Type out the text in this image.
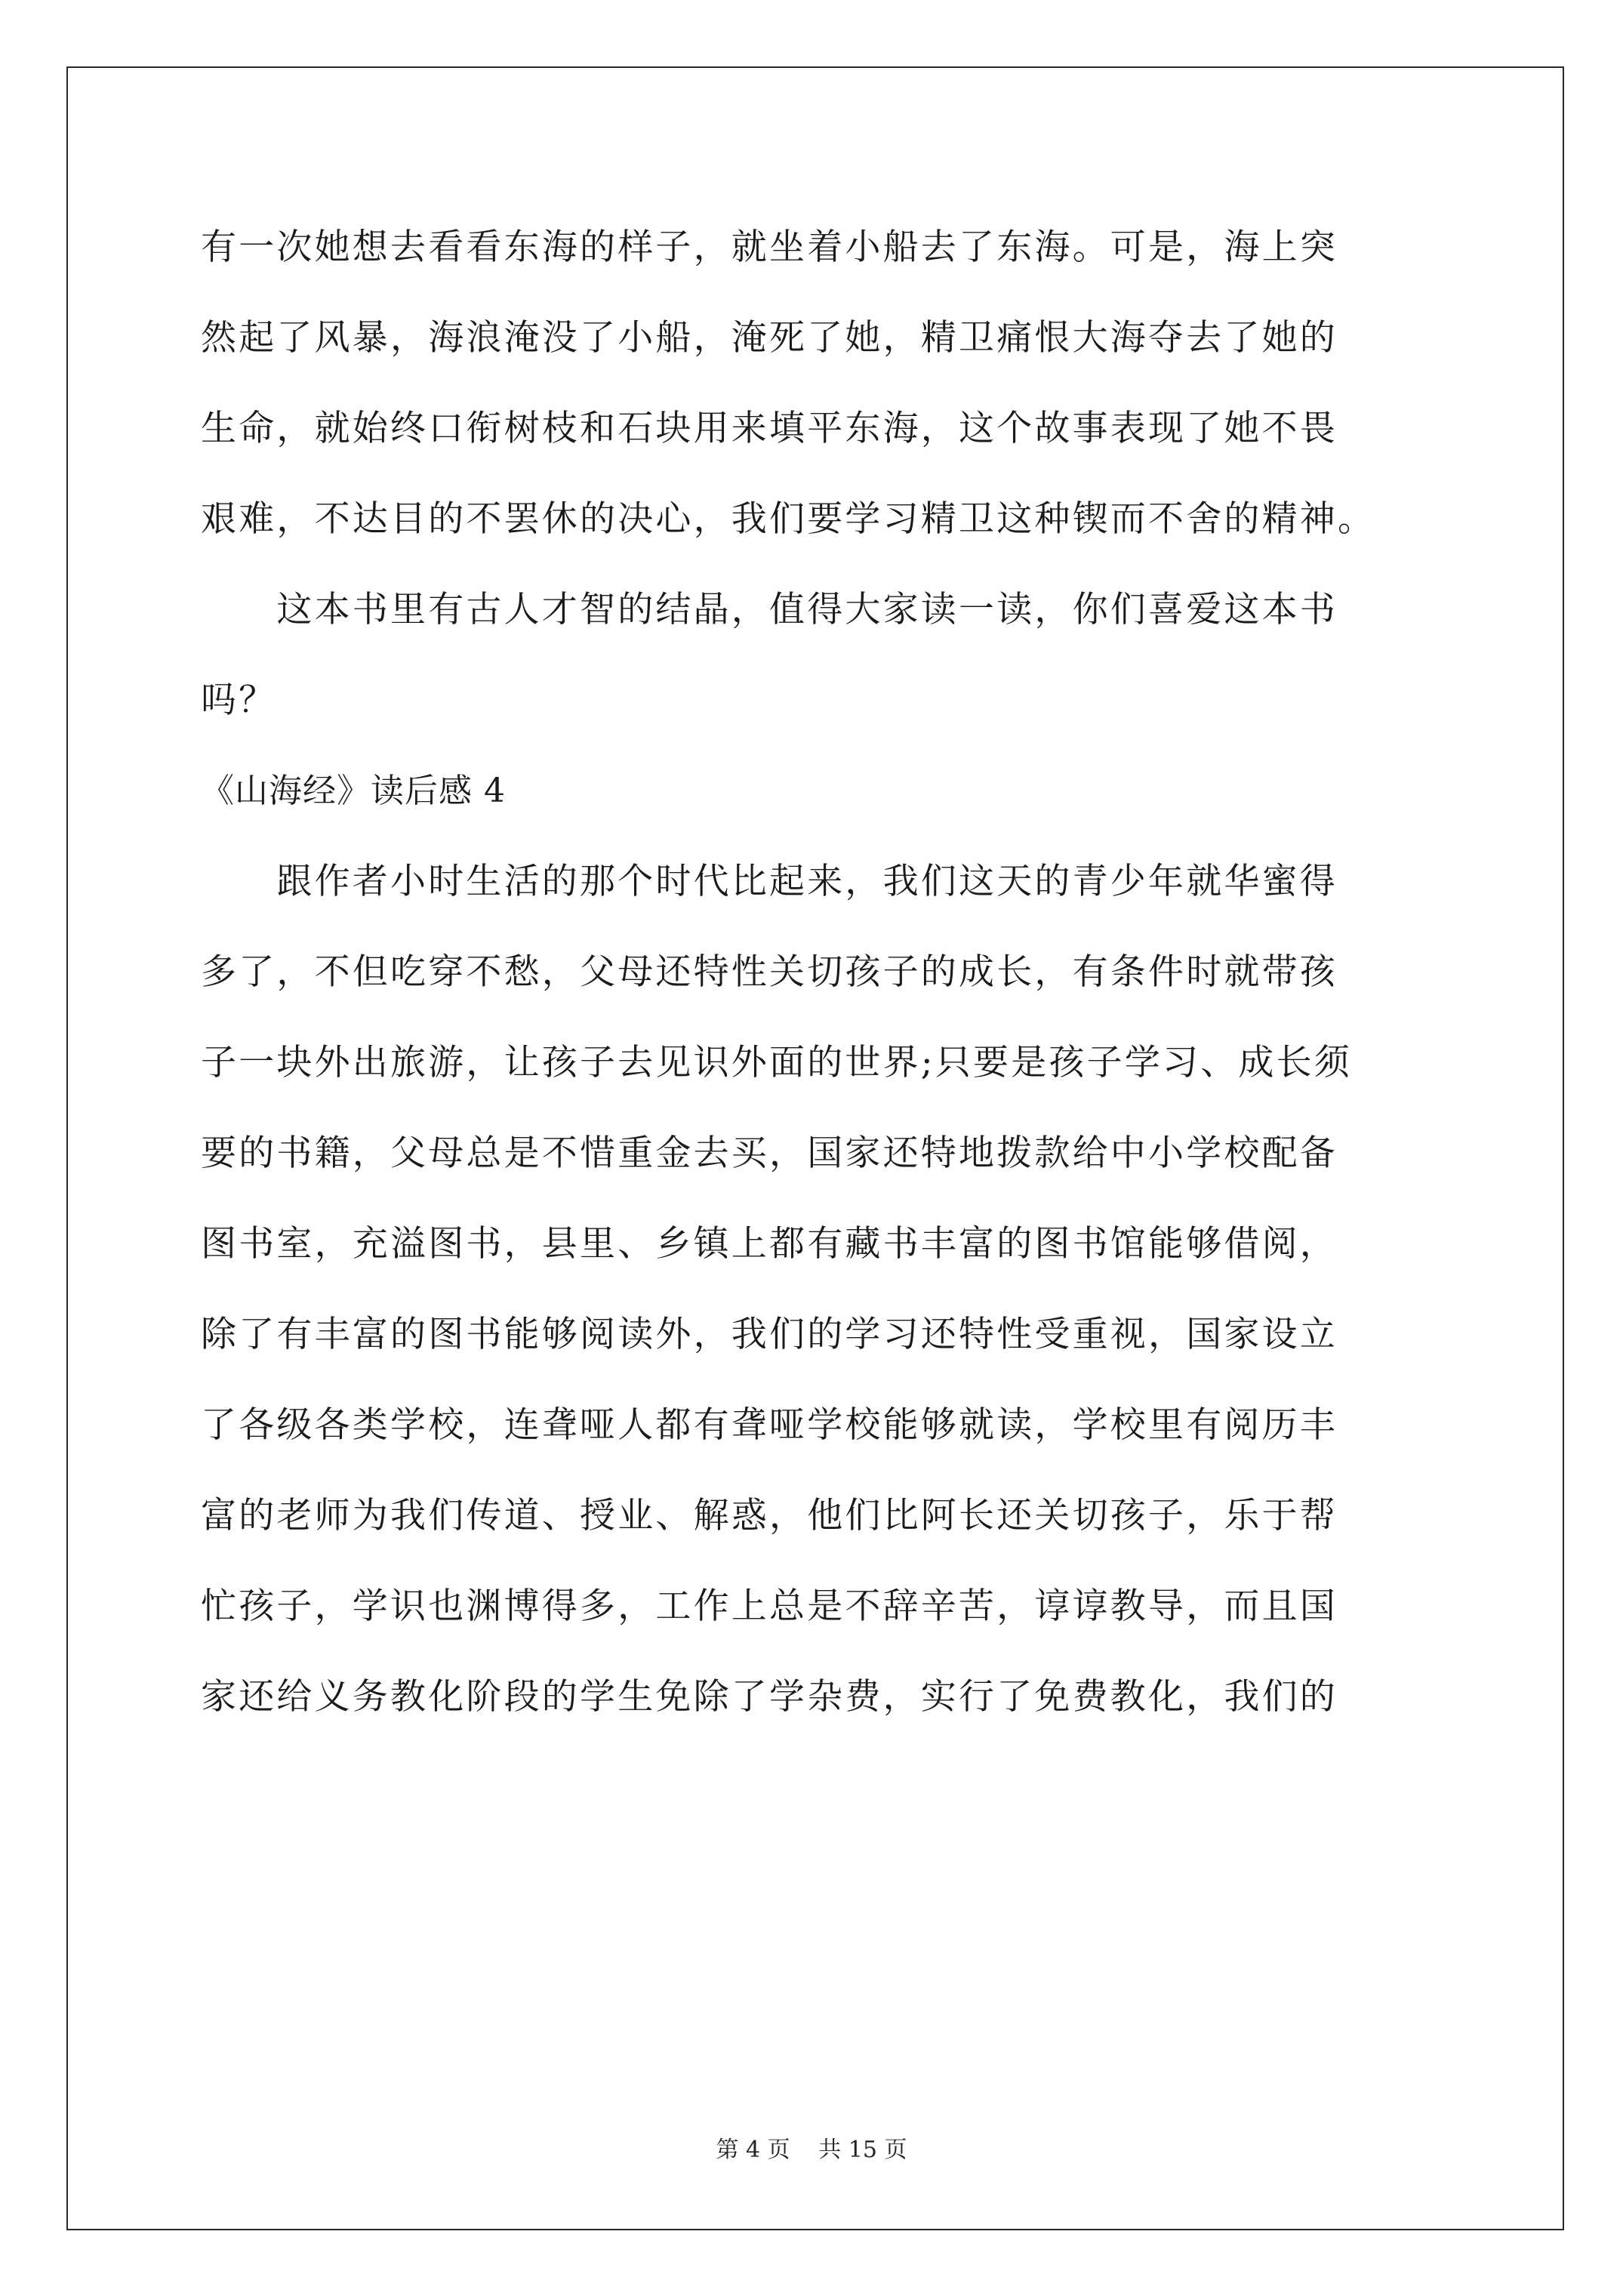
有一次她想去看看东海的样子，就坐着小船去了东海。可是，海上突
然起了风暴，海浪淹没了小船，淹死了她，精卫痛恨大海夺去了她的
生命，就始终口衔树枝和石块用来填平东海，这个故事表现了她不畏
艰难，不达目的不罢休的决心，我们要学习精卫这种锲而不舍的精神。
　　这本书里有古人才智的结晶，值得大家读一读，你们喜爱这本书
吗？
《山海经》读后感 4
　　跟作者小时生活的那个时代比起来，我们这天的青少年就华蜜得
多了，不但吃穿不愁，父母还特性关切孩子的成长，有条件时就带孩
子一块外出旅游，让孩子去见识外面的世界;只要是孩子学习、成长须
要的书籍，父母总是不惜重金去买，国家还特地拨款给中小学校配备
图书室，充溢图书，县里、乡镇上都有藏书丰富的图书馆能够借阅，
除了有丰富的图书能够阅读外，我们的学习还特性受重视，国家设立
了各级各类学校，连聋哑人都有聋哑学校能够就读，学校里有阅历丰
富的老师为我们传道、授业、解惑，他们比阿长还关切孩子，乐于帮
忙孩子，学识也渊博得多，工作上总是不辞辛苦，谆谆教导，而且国
家还给义务教化阶段的学生免除了学杂费，实行了免费教化，我们的
第 4 页 共 15 页
